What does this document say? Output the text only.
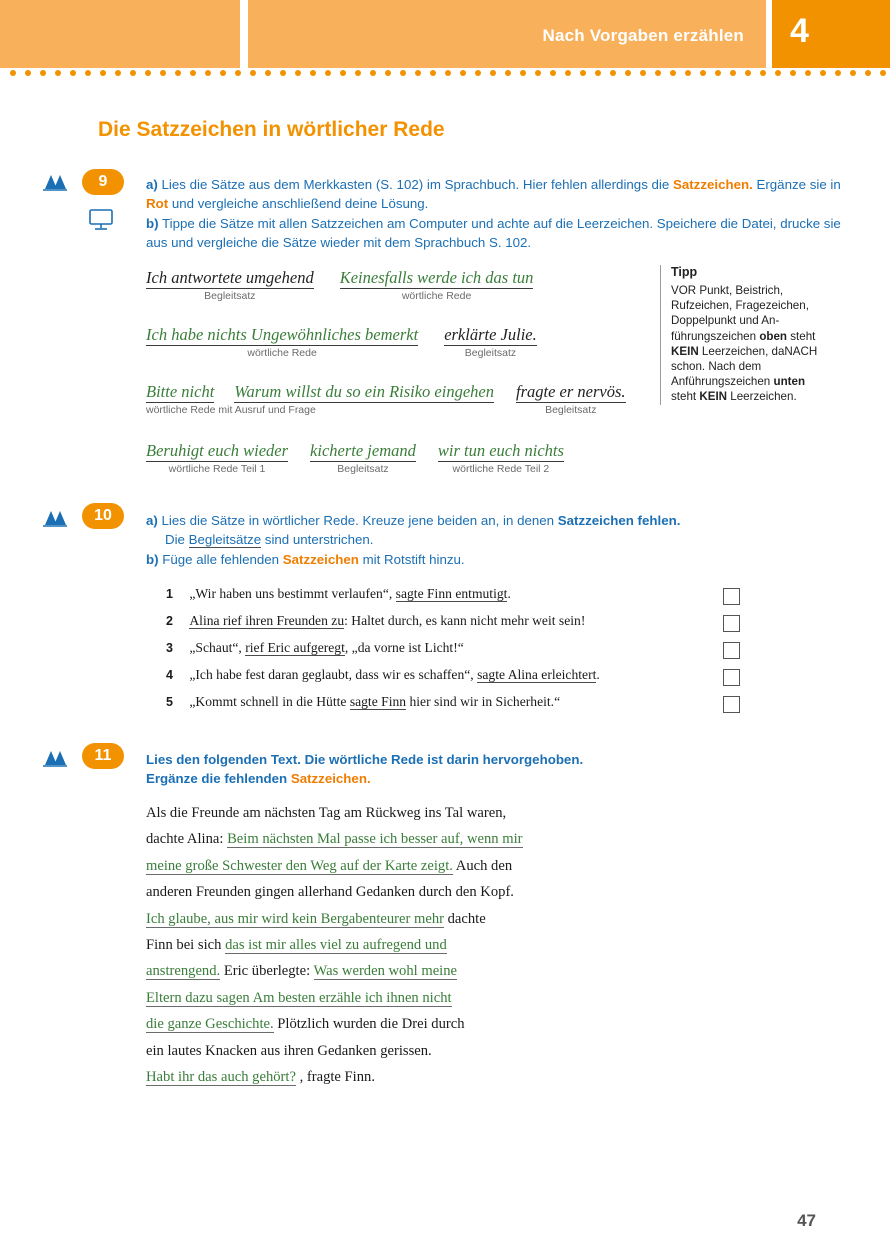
Nach Vorgaben erzählen 4
Die Satzzeichen in wörtlicher Rede
9	a) Lies die Sätze aus dem Merkkasten (S. 102) im Sprachbuch. Hier fehlen allerdings die Satzzeichen. Ergänze sie in Rot und vergleiche anschließend deine Lösung.
b) Tippe die Sätze mit allen Satzzeichen am Computer und achte auf die Leerzeichen. Speichere die Datei, drucke sie aus und vergleiche die Sätze wieder mit dem Sprachbuch S. 102.
Ich antwortete umgehend
Begleitsatz
Keinesfalls werde ich das tun
wörtliche Rede
Ich habe nichts Ungewöhnliches bemerkt
wörtliche Rede
erklärte Julie.
Begleitsatz
Bitte nicht Warum willst du so ein Risiko eingehen fragte er nervös.
Begleitsatz
wörtliche Rede mit Ausruf und Frage
Beruhigt euch wieder
wörtliche Rede Teil 1
kicherte jemand
Begleitsatz
wir tun euch nichts
wörtliche Rede Teil 2
Tipp

VOR Punkt, Beistrich, Rufzeichen, Fragezeichen, Doppelpunkt und Anführungszeichen oben steht KEIN Leerzeichen, daNACH schon. Nach dem Anführungszeichen unten steht KEIN Leerzeichen.

10	a) Lies die Sätze in wörtlicher Rede. Kreuze jene beiden an, in denen Satzzeichen fehlen.
Die Begleitsätze sind unterstrichen.
b) Füge alle fehlenden Satzzeichen mit Rotstift hinzu.
1 „Wir haben uns bestimmt verlaufen“, sagte Finn entmutigt.
2 Alina rief ihren Freunden zu: Haltet durch, es kann nicht mehr weit sein!
3 „Schaut“, rief Eric aufgeregt, „da vorne ist Licht!“
4 „Ich habe fest daran geglaubt, dass wir es schaffen“, sagte Alina erleichtert.
5 „Kommt schnell in die Hütte sagte Finn hier sind wir in Sicherheit.“
11	Lies den folgenden Text. Die wörtliche Rede ist darin hervorgehoben.
Ergänze die fehlenden Satzzeichen.
Als die Freunde am nächsten Tag am Rückweg ins Tal waren,
dachte Alina: Beim nächsten Mal passe ich besser auf, wenn mir
meine große Schwester den Weg auf der Karte zeigt. Auch den
anderen Freunden gingen allerhand Gedanken durch den Kopf.
Ich glaube, aus mir wird kein Bergabenteurer mehr dachte
Finn bei sich das ist mir alles viel zu aufregend und
anstrengend. Eric überlegte: Was werden wohl meine
Eltern dazu sagen Am besten erzähle ich ihnen nicht
die ganze Geschichte. Plötzlich wurden die Drei durch
ein lautes Knacken aus ihren Gedanken gerissen.
Habt ihr das auch gehört? , fragte Finn.
47
